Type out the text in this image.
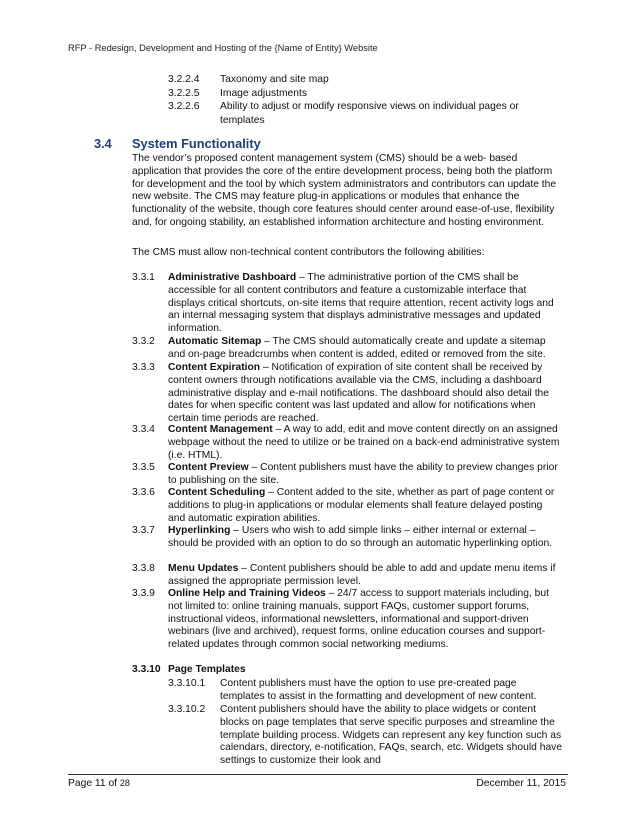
RFP - Redesign, Development and Hosting of the {Name of Entity} Website
3.2.2.4 Taxonomy and site map
3.2.2.5 Image adjustments
3.2.2.6 Ability to adjust or modify responsive views on individual pages or templates
3.4 System Functionality
The vendor’s proposed content management system (CMS) should be a web- based application that provides the core of the entire development process, being both the platform for development and the tool by which system administrators and contributors can update the new website. The CMS may feature plug-in applications or modules that enhance the functionality of the website, though core features should center around ease-of-use, flexibility and, for ongoing stability, an established information architecture and hosting environment.
The CMS must allow non-technical content contributors the following abilities:
3.3.1 Administrative Dashboard – The administrative portion of the CMS shall be accessible for all content contributors and feature a customizable interface that displays critical shortcuts, on-site items that require attention, recent activity logs and an internal messaging system that displays administrative messages and updated information.
3.3.2 Automatic Sitemap – The CMS should automatically create and update a sitemap and on-page breadcrumbs when content is added, edited or removed from the site.
3.3.3 Content Expiration – Notification of expiration of site content shall be received by content owners through notifications available via the CMS, including a dashboard administrative display and e-mail notifications. The dashboard should also detail the dates for when specific content was last updated and allow for notifications when certain time periods are reached.
3.3.4 Content Management – A way to add, edit and move content directly on an assigned webpage without the need to utilize or be trained on a back-end administrative system (i.e. HTML).
3.3.5 Content Preview – Content publishers must have the ability to preview changes prior to publishing on the site.
3.3.6 Content Scheduling – Content added to the site, whether as part of page content or additions to plug-in applications or modular elements shall feature delayed posting and automatic expiration abilities.
3.3.7 Hyperlinking – Users who wish to add simple links – either internal or external – should be provided with an option to do so through an automatic hyperlinking option.
3.3.8 Menu Updates – Content publishers should be able to add and update menu items if assigned the appropriate permission level.
3.3.9 Online Help and Training Videos – 24/7 access to support materials including, but not limited to: online training manuals, support FAQs, customer support forums, instructional videos, informational newsletters, informational and support-driven webinars (live and archived), request forms, online education courses and support-related updates through common social networking mediums.
3.3.10 Page Templates
3.3.10.1 Content publishers must have the option to use pre-created page templates to assist in the formatting and development of new content.
3.3.10.2 Content publishers should have the ability to place widgets or content blocks on page templates that serve specific purposes and streamline the template building process. Widgets can represent any key function such as calendars, directory, e-notification, FAQs, search, etc. Widgets should have settings to customize their look and
Page 11 of 28	December 11, 2015
